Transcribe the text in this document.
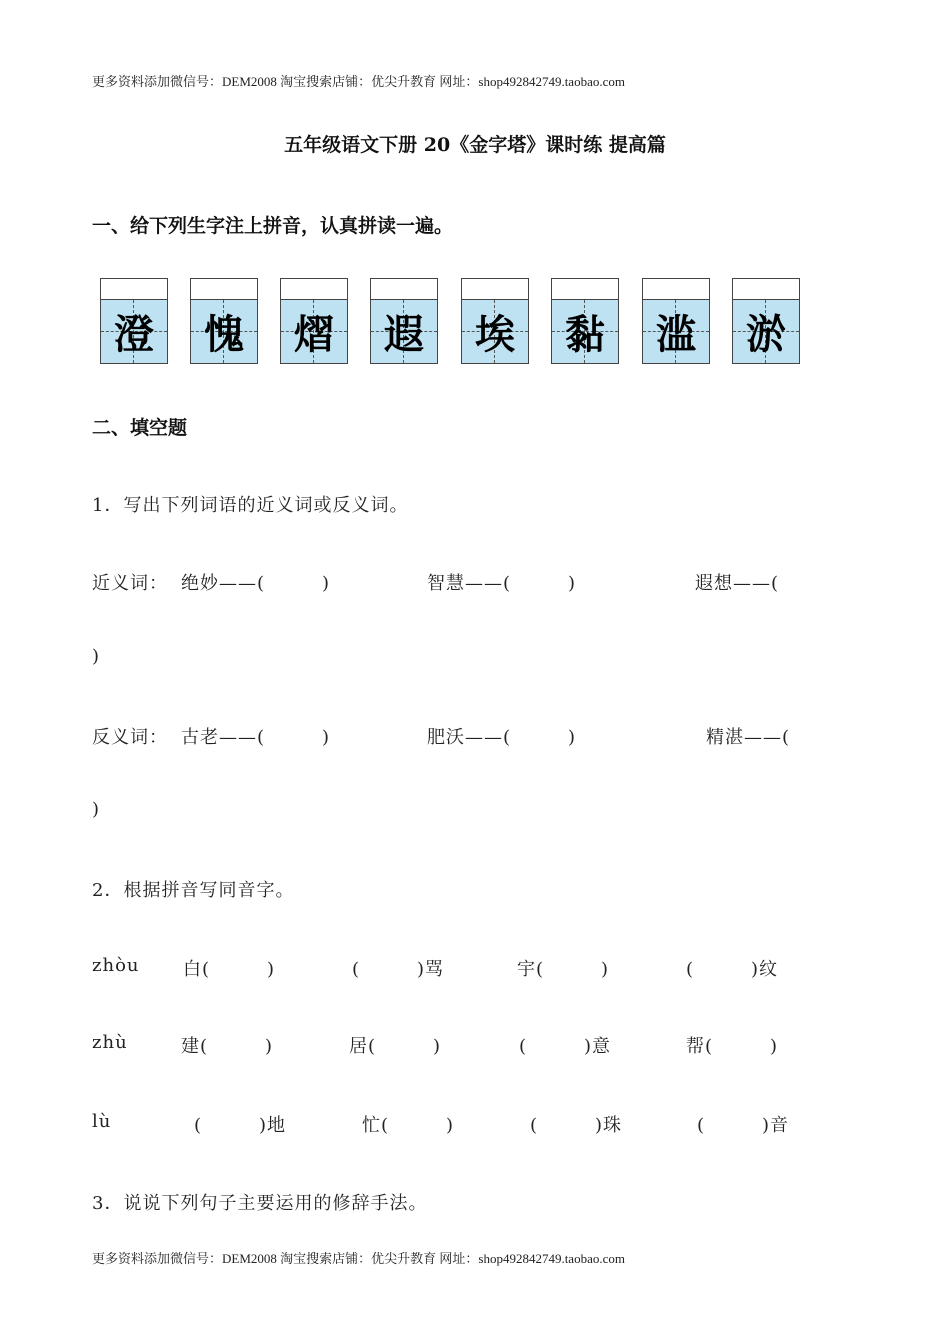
更多资料添加微信号：DEM2008 淘宝搜索店铺：优尖升教育 网址：shop492842749.taobao.com
五年级语文下册 20《金字塔》课时练 提高篇
一、给下列生字注上拼音，认真拼读一遍。
澄 愧 熠 遐 埃 黏 滥 淤
二、填空题
1．写出下列词语的近义词或反义词。
近义词： 绝妙——(　　　)	智慧——(　　　)	遐想——(
)
反义词： 古老——(　　　)	肥沃——(　　　)	精湛——(
)
2．根据拼音写同音字。
zhòu 白(　　　)	(　　　)骂	宇(　　　)	(　　　)纹
zhù	建(　　　)	居(　　　)	(　　　)意	帮(　　　)
lù	(　　　)地	忙(　　　)	(　　　)珠	(　　　)音
3．说说下列句子主要运用的修辞手法。
更多资料添加微信号：DEM2008 淘宝搜索店铺：优尖升教育 网址：shop492842749.taobao.com
